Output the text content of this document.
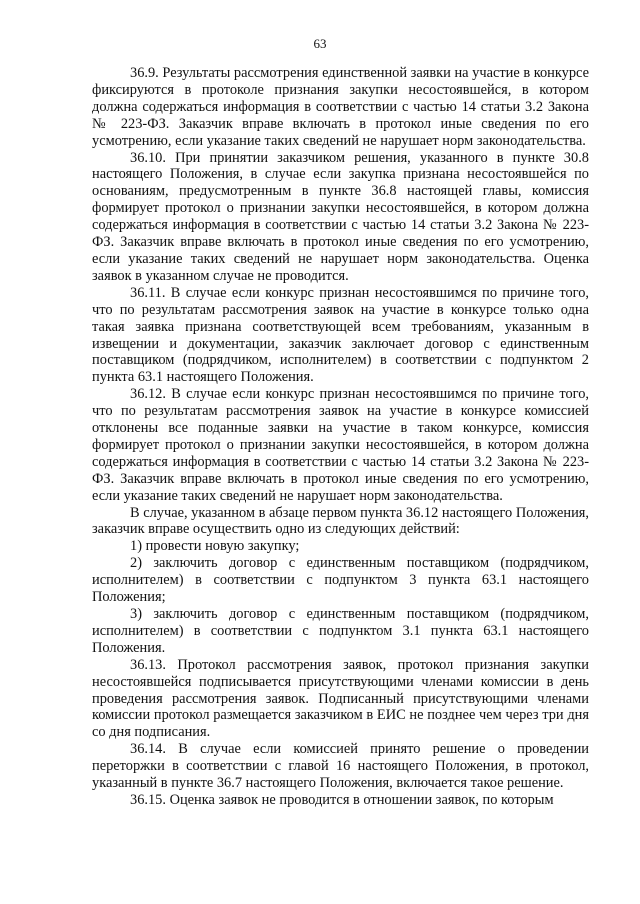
63

36.9. Результаты рассмотрения единственной заявки на участие в конкурсе фиксируются в протоколе признания закупки несостоявшейся, в котором должна содержаться информация в соответствии с частью 14 статьи 3.2 Закона № 223-ФЗ. Заказчик вправе включать в протокол иные сведения по его усмотрению, если указание таких сведений не нарушает норм законодательства.

36.10. При принятии заказчиком решения, указанного в пункте 30.8 настоящего Положения, в случае если закупка признана несостоявшейся по основаниям, предусмотренным в пункте 36.8 настоящей главы, комиссия формирует протокол о признании закупки несостоявшейся, в котором должна содержаться информация в соответствии с частью 14 статьи 3.2 Закона № 223-ФЗ. Заказчик вправе включать в протокол иные сведения по его усмотрению, если указание таких сведений не нарушает норм законодательства. Оценка заявок в указанном случае не проводится.

36.11. В случае если конкурс признан несостоявшимся по причине того, что по результатам рассмотрения заявок на участие в конкурсе только одна такая заявка признана соответствующей всем требованиям, указанным в извещении и документации, заказчик заключает договор с единственным поставщиком (подрядчиком, исполнителем) в соответствии с подпунктом 2 пункта 63.1 настоящего Положения.

36.12. В случае если конкурс признан несостоявшимся по причине того, что по результатам рассмотрения заявок на участие в конкурсе комиссией отклонены все поданные заявки на участие в таком конкурсе, комиссия формирует протокол о признании закупки несостоявшейся, в котором должна содержаться информация в соответствии с частью 14 статьи 3.2 Закона № 223-ФЗ. Заказчик вправе включать в протокол иные сведения по его усмотрению, если указание таких сведений не нарушает норм законодательства.

В случае, указанном в абзаце первом пункта 36.12 настоящего Положения, заказчик вправе осуществить одно из следующих действий:

1) провести новую закупку;

2) заключить договор с единственным поставщиком (подрядчиком, исполнителем) в соответствии с подпунктом 3 пункта 63.1 настоящего Положения;

3) заключить договор с единственным поставщиком (подрядчиком, исполнителем) в соответствии с подпунктом 3.1 пункта 63.1 настоящего Положения.

36.13. Протокол рассмотрения заявок, протокол признания закупки несостоявшейся подписывается присутствующими членами комиссии в день проведения рассмотрения заявок. Подписанный присутствующими членами комиссии протокол размещается заказчиком в ЕИС не позднее чем через три дня со дня подписания.

36.14. В случае если комиссией принято решение о проведении переторжки в соответствии с главой 16 настоящего Положения, в протокол, указанный в пункте 36.7 настоящего Положения, включается такое решение.

36.15. Оценка заявок не проводится в отношении заявок, по которым
